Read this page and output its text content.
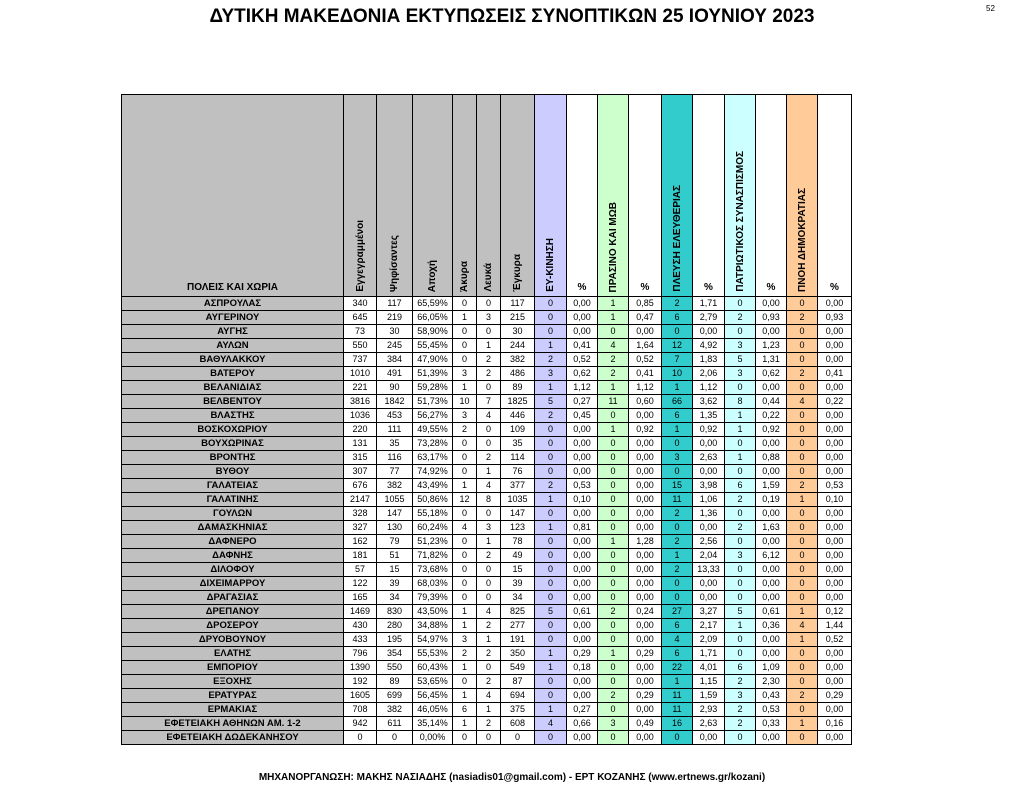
ΔΥΤΙΚΗ ΜΑΚΕΔΟΝΙΑ ΕΚΤΥΠΩΣΕΙΣ ΣΥΝΟΠΤΙΚΩΝ 25 ΙΟΥΝΙΟΥ 2023	52
ΠΟΛΕΙΣ ΚΑΙ ΧΩΡΙΑ	Εγγεγραμμένοι	Ψηφίσαντες	Αποχή	Άκυρα	Λευκά	Έγκυρα	ΕΥ-ΚΙΝΗΣΗ	%	ΠΡΑΣΙΝΟ ΚΑΙ ΜΩΒ	%	ΠΛΕΥΣΗ ΕΛΕΥΘΕΡΙΑΣ	%	ΠΑΤΡΙΩΤΙΚΟΣ ΣΥΝΑΣΠΙΣΜΟΣ	%	ΠΝΟΗ ΔΗΜΟΚΡΑΤΙΑΣ	%
ΑΣΠΡΟΥΛΑΣ	340	117	65,59%	0	0	117	0	0,00	1	0,85	2	1,71	0	0,00	0	0,00
ΑΥΓΕΡΙΝΟΥ	645	219	66,05%	1	3	215	0	0,00	1	0,47	6	2,79	2	0,93	2	0,93
ΑΥΓΗΣ	73	30	58,90%	0	0	30	0	0,00	0	0,00	0	0,00	0	0,00	0	0,00
ΑΥΛΩΝ	550	245	55,45%	0	1	244	1	0,41	4	1,64	12	4,92	3	1,23	0	0,00
ΒΑΘΥΛΑΚΚΟΥ	737	384	47,90%	0	2	382	2	0,52	2	0,52	7	1,83	5	1,31	0	0,00
ΒΑΤΕΡΟΥ	1010	491	51,39%	3	2	486	3	0,62	2	0,41	10	2,06	3	0,62	2	0,41
ΒΕΛΑΝΙΔΙΑΣ	221	90	59,28%	1	0	89	1	1,12	1	1,12	1	1,12	0	0,00	0	0,00
ΒΕΛΒΕΝΤΟΥ	3816	1842	51,73%	10	7	1825	5	0,27	11	0,60	66	3,62	8	0,44	4	0,22
ΒΛΑΣΤΗΣ	1036	453	56,27%	3	4	446	2	0,45	0	0,00	6	1,35	1	0,22	0	0,00
ΒΟΣΚΟΧΩΡΙΟΥ	220	111	49,55%	2	0	109	0	0,00	1	0,92	1	0,92	1	0,92	0	0,00
ΒΟΥΧΩΡΙΝΑΣ	131	35	73,28%	0	0	35	0	0,00	0	0,00	0	0,00	0	0,00	0	0,00
ΒΡΟΝΤΗΣ	315	116	63,17%	0	2	114	0	0,00	0	0,00	3	2,63	1	0,88	0	0,00
ΒΥΘΟΥ	307	77	74,92%	0	1	76	0	0,00	0	0,00	0	0,00	0	0,00	0	0,00
ΓΑΛΑΤΕΙΑΣ	676	382	43,49%	1	4	377	2	0,53	0	0,00	15	3,98	6	1,59	2	0,53
ΓΑΛΑΤΙΝΗΣ	2147	1055	50,86%	12	8	1035	1	0,10	0	0,00	11	1,06	2	0,19	1	0,10
ΓΟΥΛΩΝ	328	147	55,18%	0	0	147	0	0,00	0	0,00	2	1,36	0	0,00	0	0,00
ΔΑΜΑΣΚΗΝΙΑΣ	327	130	60,24%	4	3	123	1	0,81	0	0,00	0	0,00	2	1,63	0	0,00
ΔΑΦΝΕΡΟ	162	79	51,23%	0	1	78	0	0,00	1	1,28	2	2,56	0	0,00	0	0,00
ΔΑΦΝΗΣ	181	51	71,82%	0	2	49	0	0,00	0	0,00	1	2,04	3	6,12	0	0,00
ΔΙΛΟΦΟΥ	57	15	73,68%	0	0	15	0	0,00	0	0,00	2	13,33	0	0,00	0	0,00
ΔΙΧΕΙΜΑΡΡΟΥ	122	39	68,03%	0	0	39	0	0,00	0	0,00	0	0,00	0	0,00	0	0,00
ΔΡΑΓΑΣΙΑΣ	165	34	79,39%	0	0	34	0	0,00	0	0,00	0	0,00	0	0,00	0	0,00
ΔΡΕΠΑΝΟΥ	1469	830	43,50%	1	4	825	5	0,61	2	0,24	27	3,27	5	0,61	1	0,12
ΔΡΟΣΕΡΟΥ	430	280	34,88%	1	2	277	0	0,00	0	0,00	6	2,17	1	0,36	4	1,44
ΔΡΥΟΒΟΥΝΟΥ	433	195	54,97%	3	1	191	0	0,00	0	0,00	4	2,09	0	0,00	1	0,52
ΕΛΑΤΗΣ	796	354	55,53%	2	2	350	1	0,29	1	0,29	6	1,71	0	0,00	0	0,00
ΕΜΠΟΡΙΟΥ	1390	550	60,43%	1	0	549	1	0,18	0	0,00	22	4,01	6	1,09	0	0,00
ΕΞΟΧΗΣ	192	89	53,65%	0	2	87	0	0,00	0	0,00	1	1,15	2	2,30	0	0,00
ΕΡΑΤΥΡΑΣ	1605	699	56,45%	1	4	694	0	0,00	2	0,29	11	1,59	3	0,43	2	0,29
ΕΡΜΑΚΙΑΣ	708	382	46,05%	6	1	375	1	0,27	0	0,00	11	2,93	2	0,53	0	0,00
ΕΦΕΤΕΙΑΚΗ ΑΘΗΝΩΝ ΑΜ. 1-2	942	611	35,14%	1	2	608	4	0,66	3	0,49	16	2,63	2	0,33	1	0,16
ΕΦΕΤΕΙΑΚΗ ΔΩΔΕΚΑΝΗΣΟΥ	0	0	0,00%	0	0	0	0	0,00	0	0,00	0	0,00	0	0,00	0	0,00
ΜΗΧΑΝΟΡΓΑΝΩΣΗ: ΜΑΚΗΣ ΝΑΣΙΑΔΗΣ (nasiadis01@gmail.com) - ΕΡΤ ΚΟΖΑΝΗΣ (www.ertnews.gr/kozani)
